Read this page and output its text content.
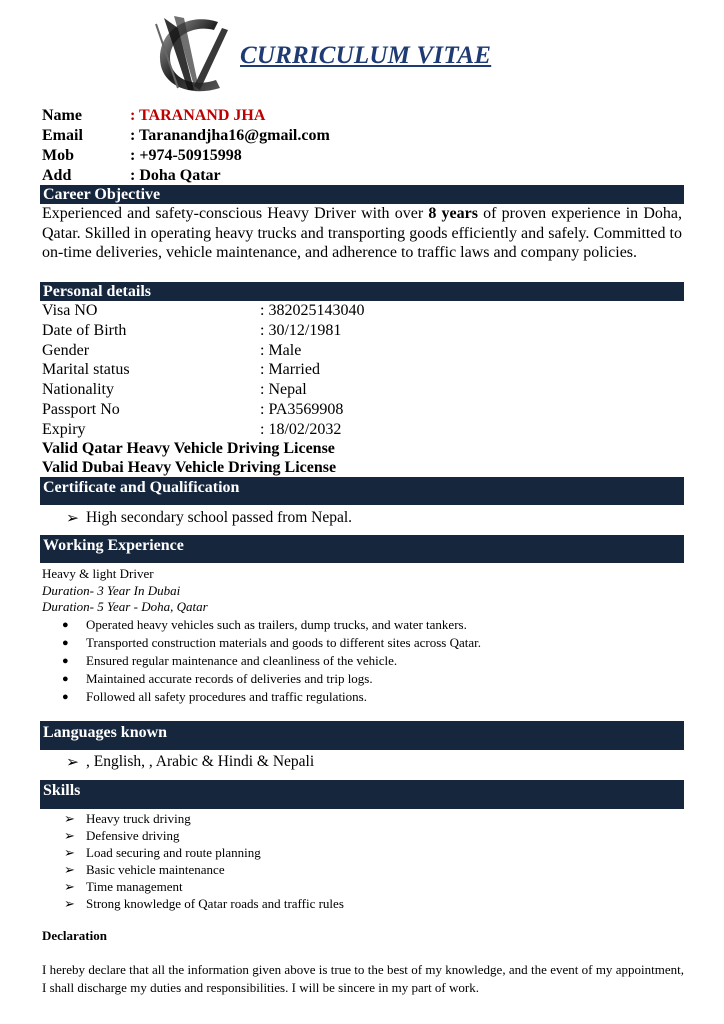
CURRICULUM VITAE
Name	: TARANAND JHA
Email	: Taranandjha16@gmail.com
Mob	: +974-50915998
Add	: Doha Qatar
Career Objective
Experienced and safety-conscious Heavy Driver with over 8 years of proven experience in Doha, Qatar. Skilled in operating heavy trucks and transporting goods efficiently and safely. Committed to on-time deliveries, vehicle maintenance, and adherence to traffic laws and company policies.
Personal details
Visa NO	: 382025143040
Date of Birth	: 30/12/1981
Gender	: Male
Marital status	: Married
Nationality	: Nepal
Passport No	: PA3569908
Expiry	: 18/02/2032
Valid Qatar Heavy Vehicle Driving License
Valid Dubai Heavy Vehicle Driving License
Certificate and Qualification
➢ High secondary school passed from Nepal.
Working Experience
Heavy & light Driver
Duration- 3 Year In Dubai
Duration- 5 Year - Doha, Qatar
●	Operated heavy vehicles such as trailers, dump trucks, and water tankers.
●	Transported construction materials and goods to different sites across Qatar.
●	Ensured regular maintenance and cleanliness of the vehicle.
●	Maintained accurate records of deliveries and trip logs.
●	Followed all safety procedures and traffic regulations.
Languages known
➢ , English, , Arabic & Hindi & Nepali
Skills
➢ Heavy truck driving
➢ Defensive driving
➢ Load securing and route planning
➢ Basic vehicle maintenance
➢ Time management
➢ Strong knowledge of Qatar roads and traffic rules
Declaration
I hereby declare that all the information given above is true to the best of my knowledge, and the event of my appointment, I shall discharge my duties and responsibilities. I will be sincere in my part of work.
